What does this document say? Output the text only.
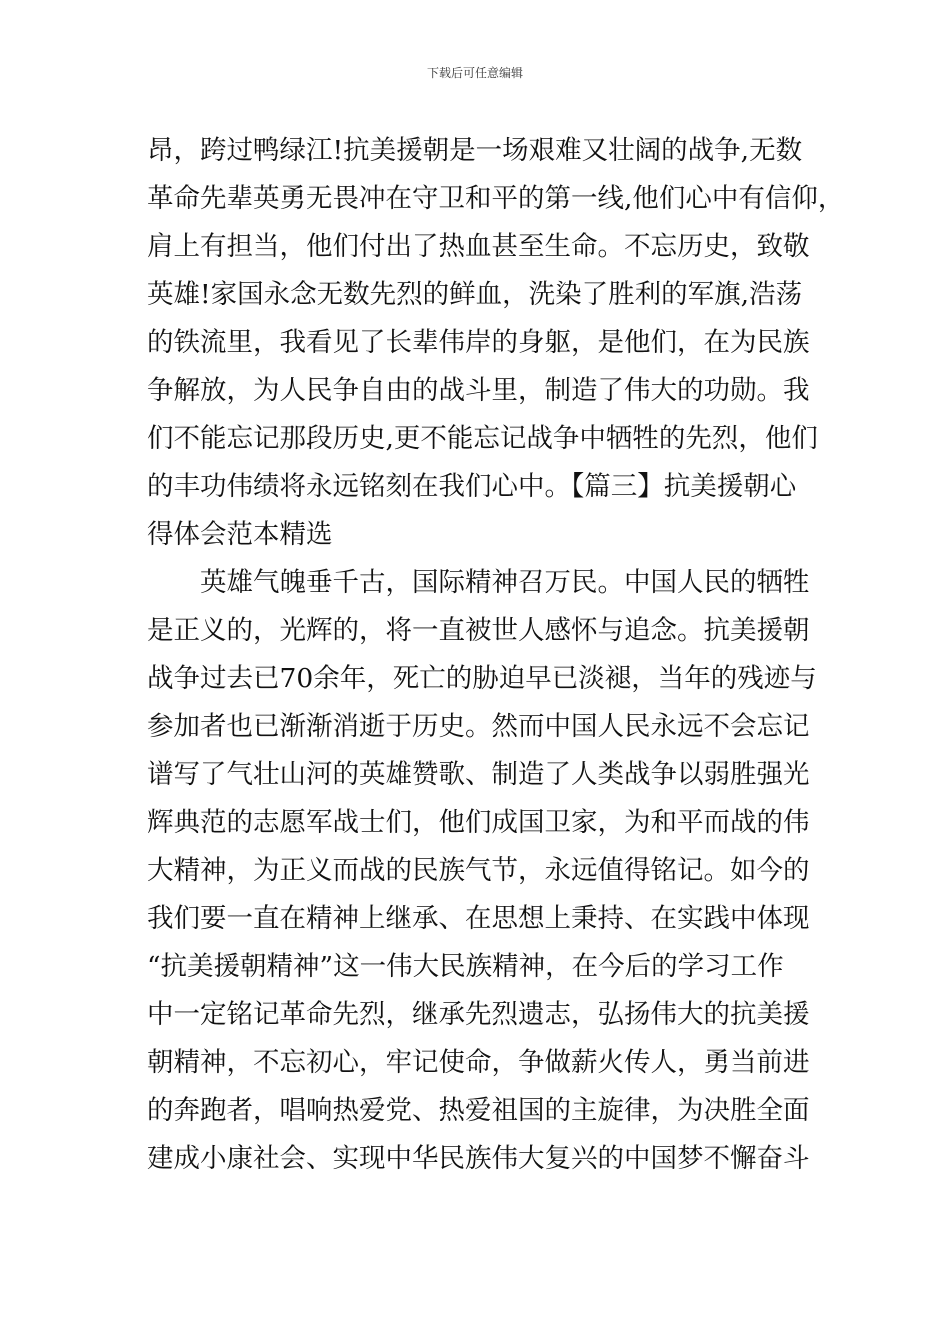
下载后可任意编辑
昂，跨过鸭绿江!抗美援朝是一场艰难又壮阔的战争,无数
革命先辈英勇无畏冲在守卫和平的第一线,他们心中有信仰，
肩上有担当，他们付出了热血甚至生命。不忘历史，致敬
英雄!家国永念无数先烈的鲜血，洗染了胜利的军旗,浩荡
的铁流里，我看见了长辈伟岸的身躯，是他们，在为民族
争解放，为人民争自由的战斗里，制造了伟大的功勋。我
们不能忘记那段历史,更不能忘记战争中牺牲的先烈，他们
的丰功伟绩将永远铭刻在我们心中。【篇三】抗美援朝心
得体会范本精选
　　英雄气魄垂千古，国际精神召万民。中国人民的牺牲
是正义的，光辉的，将一直被世人感怀与追念。抗美援朝
战争过去已70余年，死亡的胁迫早已淡褪，当年的残迹与
参加者也已渐渐消逝于历史。然而中国人民永远不会忘记
谱写了气壮山河的英雄赞歌、制造了人类战争以弱胜强光
辉典范的志愿军战士们，他们成国卫家，为和平而战的伟
大精神，为正义而战的民族气节，永远值得铭记。如今的
我们要一直在精神上继承、在思想上秉持、在实践中体现
“抗美援朝精神”这一伟大民族精神，在今后的学习工作
中一定铭记革命先烈，继承先烈遗志，弘扬伟大的抗美援
朝精神，不忘初心，牢记使命，争做薪火传人，勇当前进
的奔跑者，唱响热爱党、热爱祖国的主旋律，为决胜全面
建成小康社会、实现中华民族伟大复兴的中国梦不懈奋斗
